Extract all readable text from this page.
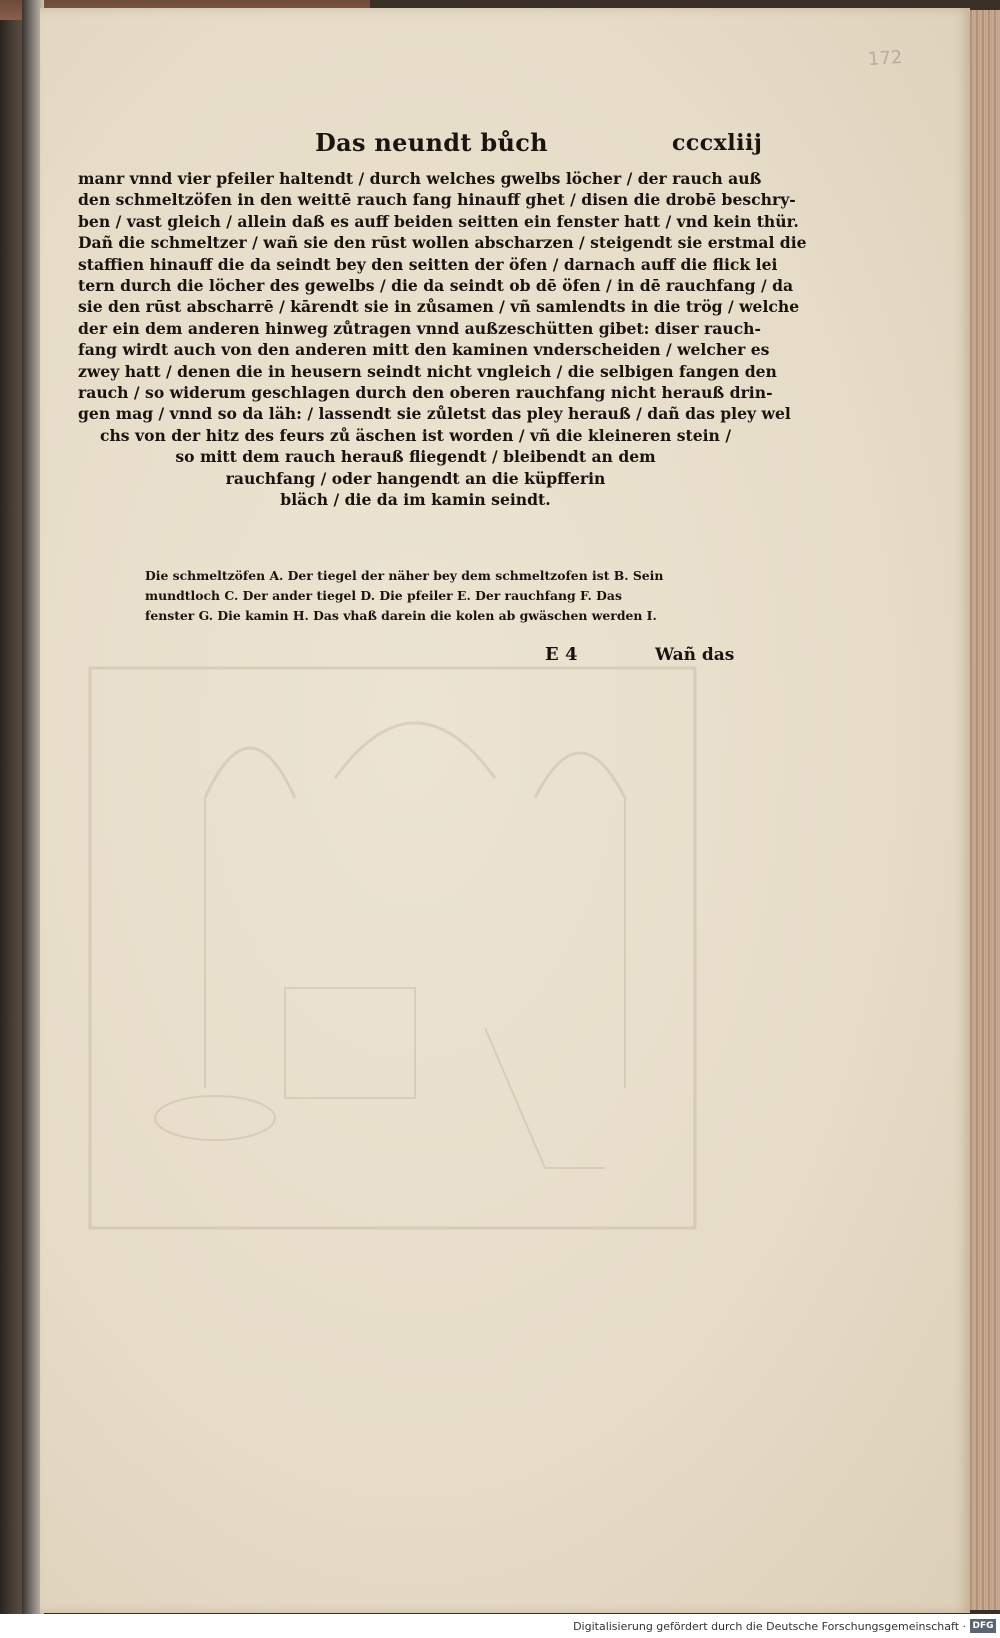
172
Das neundt bůch	cccxliij
manr vnnd vier pfeiler haltendt / durch welches gwelbs löcher / der rauch auß
den schmeltzöfen in den weittē rauch fang hinauff ghet / disen die drobē beschry-
ben / vast gleich / allein daß es auff beiden seitten ein fenster hatt / vnd kein thür.
Dañ die schmeltzer / wañ sie den rūst wollen abscharzen / steigendt sie erstmal die
staffien hinauff die da seindt bey den seitten der öfen / darnach auff die flick lei
tern durch die löcher des gewelbs / die da seindt ob dē öfen / in dē rauchfang / da
sie den rūst abscharrē / kārendt sie in zůsamen / vñ samlendts in die trög / welche
der ein dem anderen hinweg zůtragen vnnd außzeschütten gibet: diser rauch-
fang wirdt auch von den anderen mitt den kaminen vnderscheiden / welcher es
zwey hatt / denen die in heusern seindt nicht vngleich / die selbigen fangen den
rauch / so widerum geschlagen durch den oberen rauchfang nicht herauß drin-
gen mag / vnnd so da läh: / lassendt sie zůletst das pley herauß / dañ das pley wel
chs von der hitz des feurs zů äschen ist worden / vñ die kleineren stein /
so mitt dem rauch herauß fliegendt / bleibendt an dem
rauchfang / oder hangendt an die küpfferin
bläch / die da im kamin seindt.
Die schmeltzöfen A. Der tiegel der näher bey dem schmeltzofen ist B. Sein
mundtloch C. Der ander tiegel D. Die pfeiler E. Der rauchfang F. Das
fenster G. Die kamin H. Das vhaß darein die kolen ab gwäschen werden I.
E 4	Wañ das
Digitalisierung gefördert durch die Deutsche Forschungsgemeinschaft · DFG
